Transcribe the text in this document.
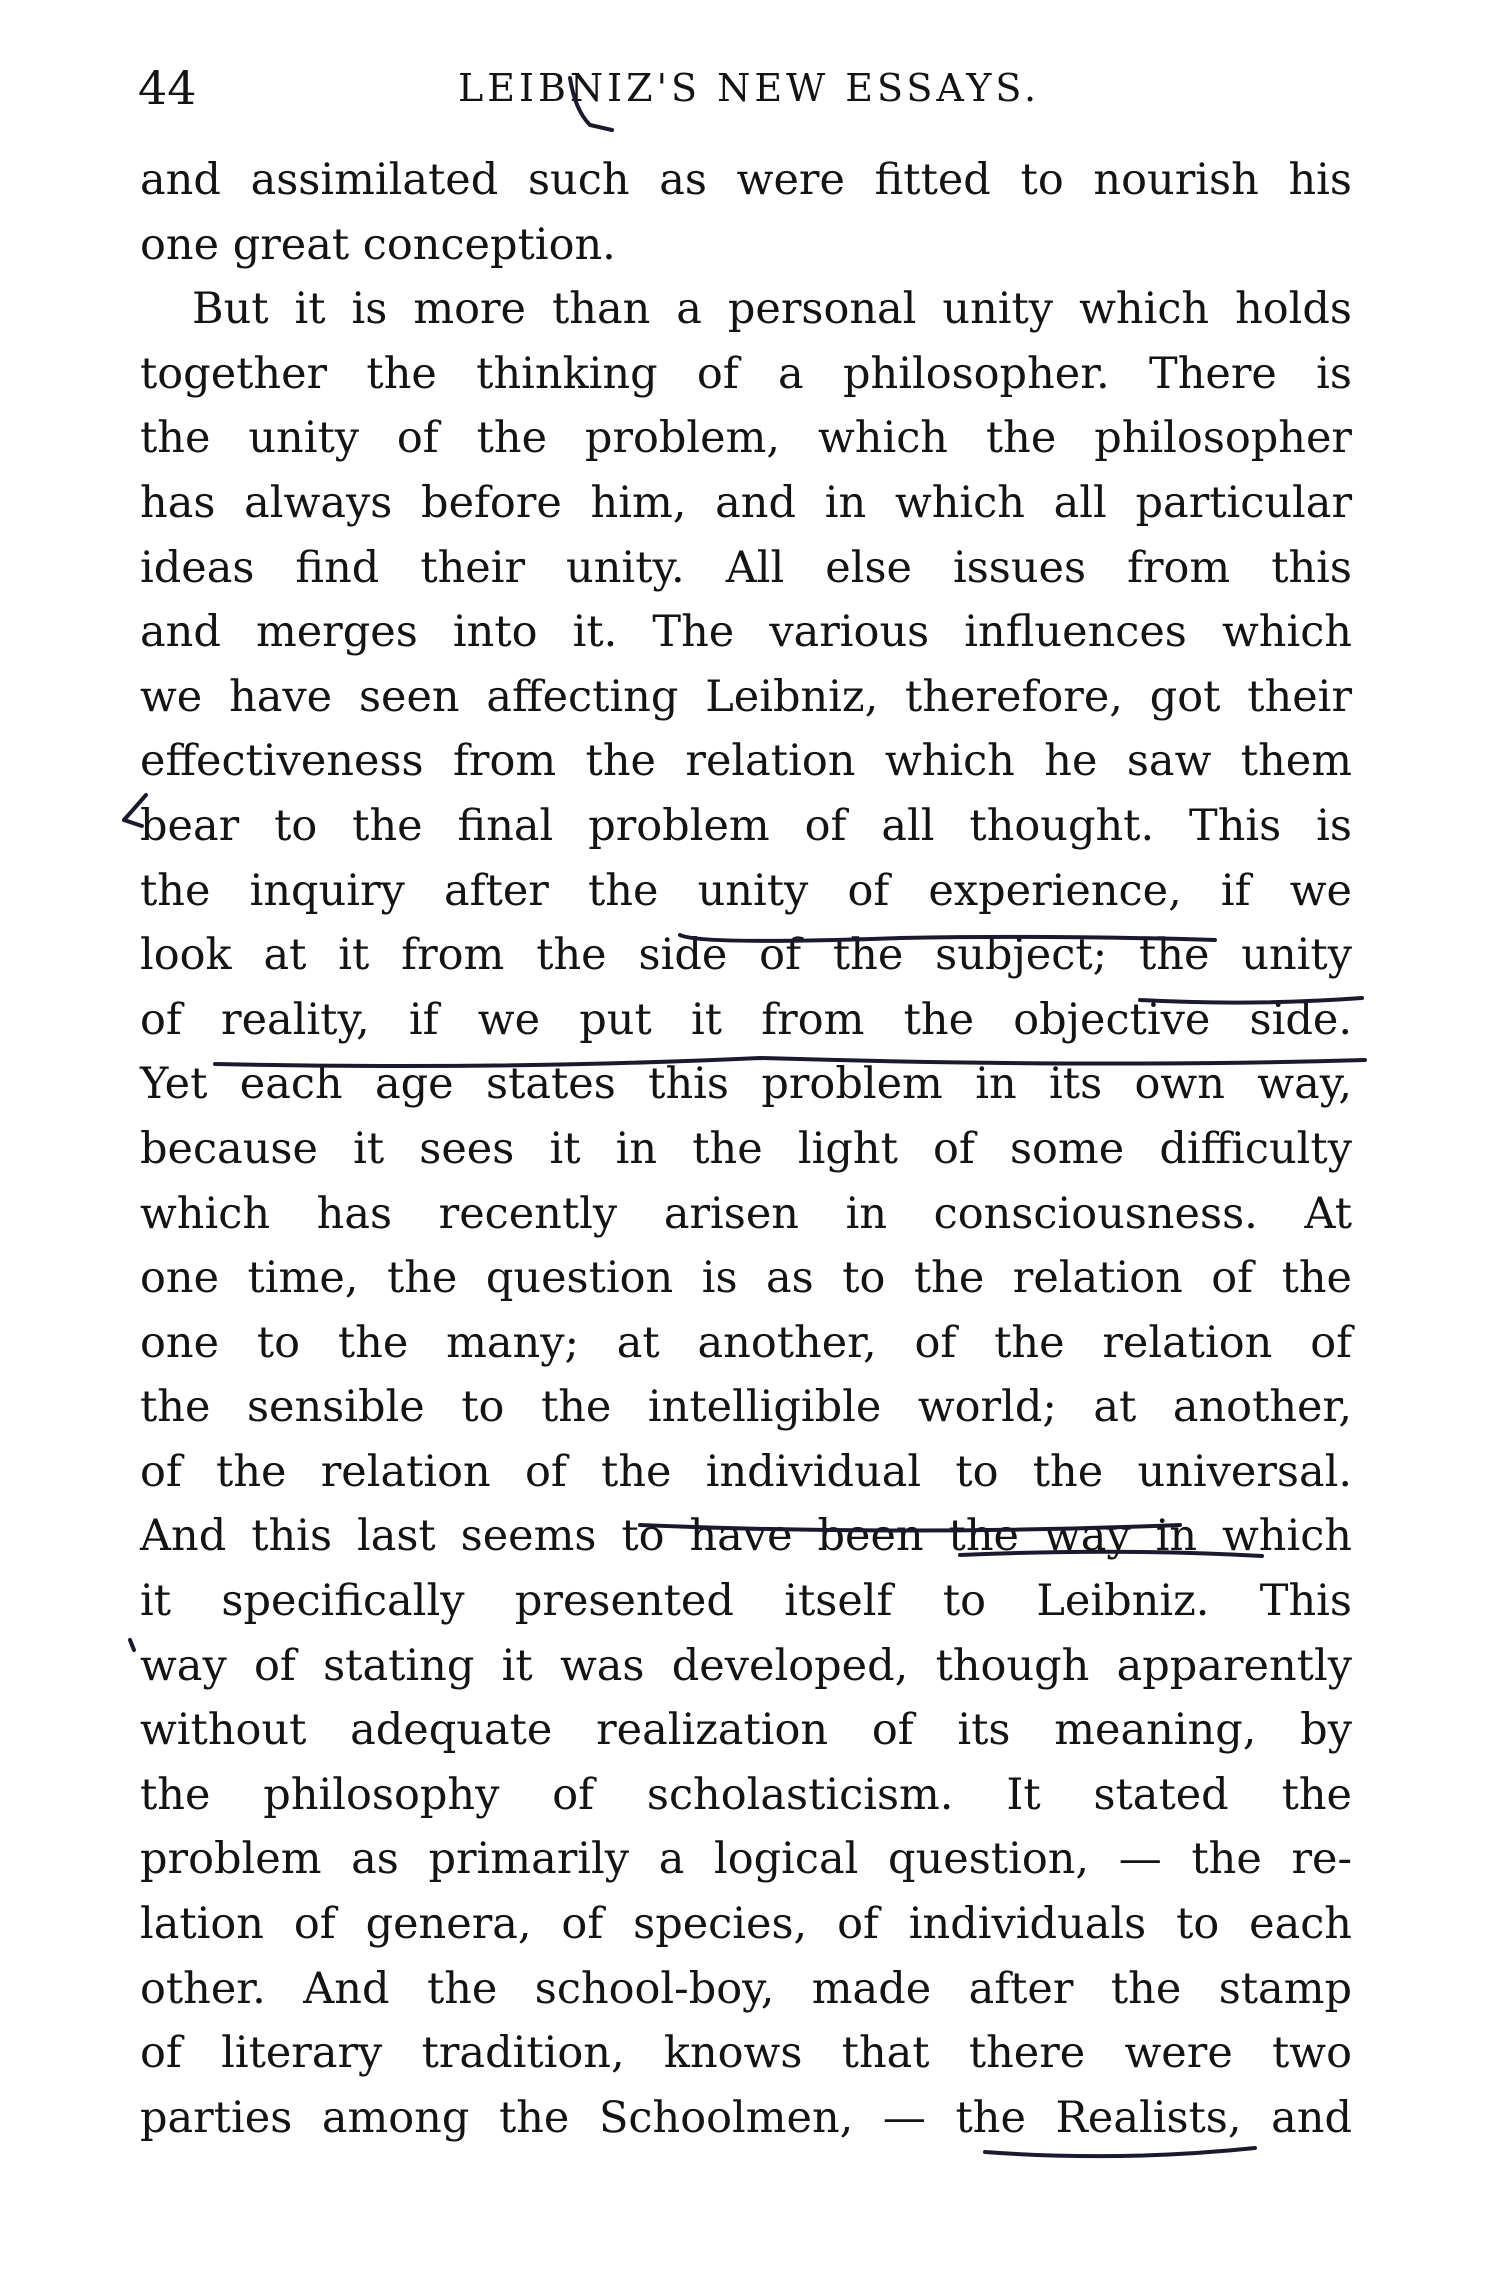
44	LEIBNIZ'S NEW ESSAYS.
and assimilated such as were fitted to nourish his
one great conception.
But it is more than a personal unity which holds
together the thinking of a philosopher. There is
the unity of the problem, which the philosopher
has always before him, and in which all particular
ideas find their unity. All else issues from this
and merges into it. The various influences which
we have seen affecting Leibniz, therefore, got their
effectiveness from the relation which he saw them
bear to the final problem of all thought. This is
the inquiry after the unity of experience, if we
look at it from the side of the subject; the unity
of reality, if we put it from the objective side.
Yet each age states this problem in its own way,
because it sees it in the light of some difficulty
which has recently arisen in consciousness. At
one time, the question is as to the relation of the
one to the many; at another, of the relation of
the sensible to the intelligible world; at another,
of the relation of the individual to the universal.
And this last seems to have been the way in which
it specifically presented itself to Leibniz. This
way of stating it was developed, though apparently
without adequate realization of its meaning, by
the philosophy of scholasticism. It stated the
problem as primarily a logical question, — the re-
lation of genera, of species, of individuals to each
other. And the school-boy, made after the stamp
of literary tradition, knows that there were two
parties among the Schoolmen, — the Realists, and
